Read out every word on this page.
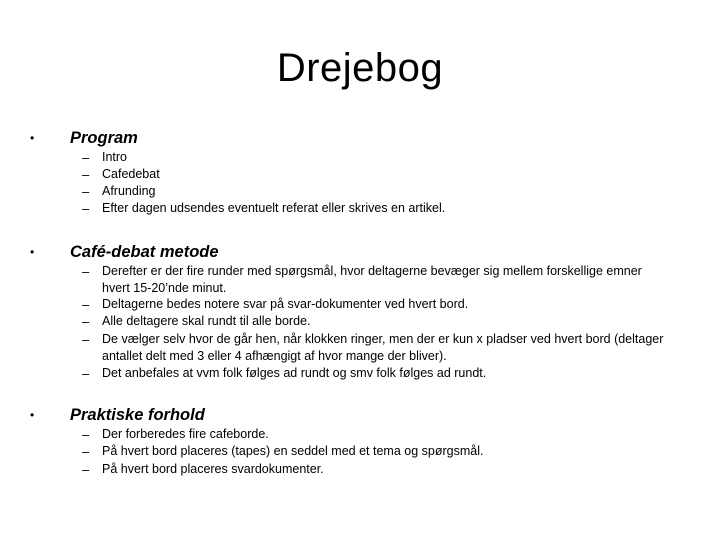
Drejebog
• Program
–	Intro
–	Cafedebat
–	Afrunding
–	Efter dagen udsendes eventuelt referat eller skrives en artikel.
• Café-debat metode
–	Derefter er der fire runder med spørgsmål, hvor deltagerne bevæger sig mellem forskellige emner hvert 15-20’nde minut.
–	Deltagerne bedes notere svar på svar-dokumenter ved hvert bord.
–	Alle deltagere skal rundt til alle borde.
–	De vælger selv hvor de går hen, når klokken ringer, men der er kun x pladser ved hvert bord (deltager antallet delt med 3 eller 4 afhængigt af hvor mange der bliver).
–	Det anbefales at vvm folk følges ad rundt og smv folk følges ad rundt.
• Praktiske forhold
–	Der forberedes fire cafeborde.
–	På hvert bord placeres (tapes) en seddel med et tema og spørgsmål.
–	På hvert bord placeres svardokumenter.
